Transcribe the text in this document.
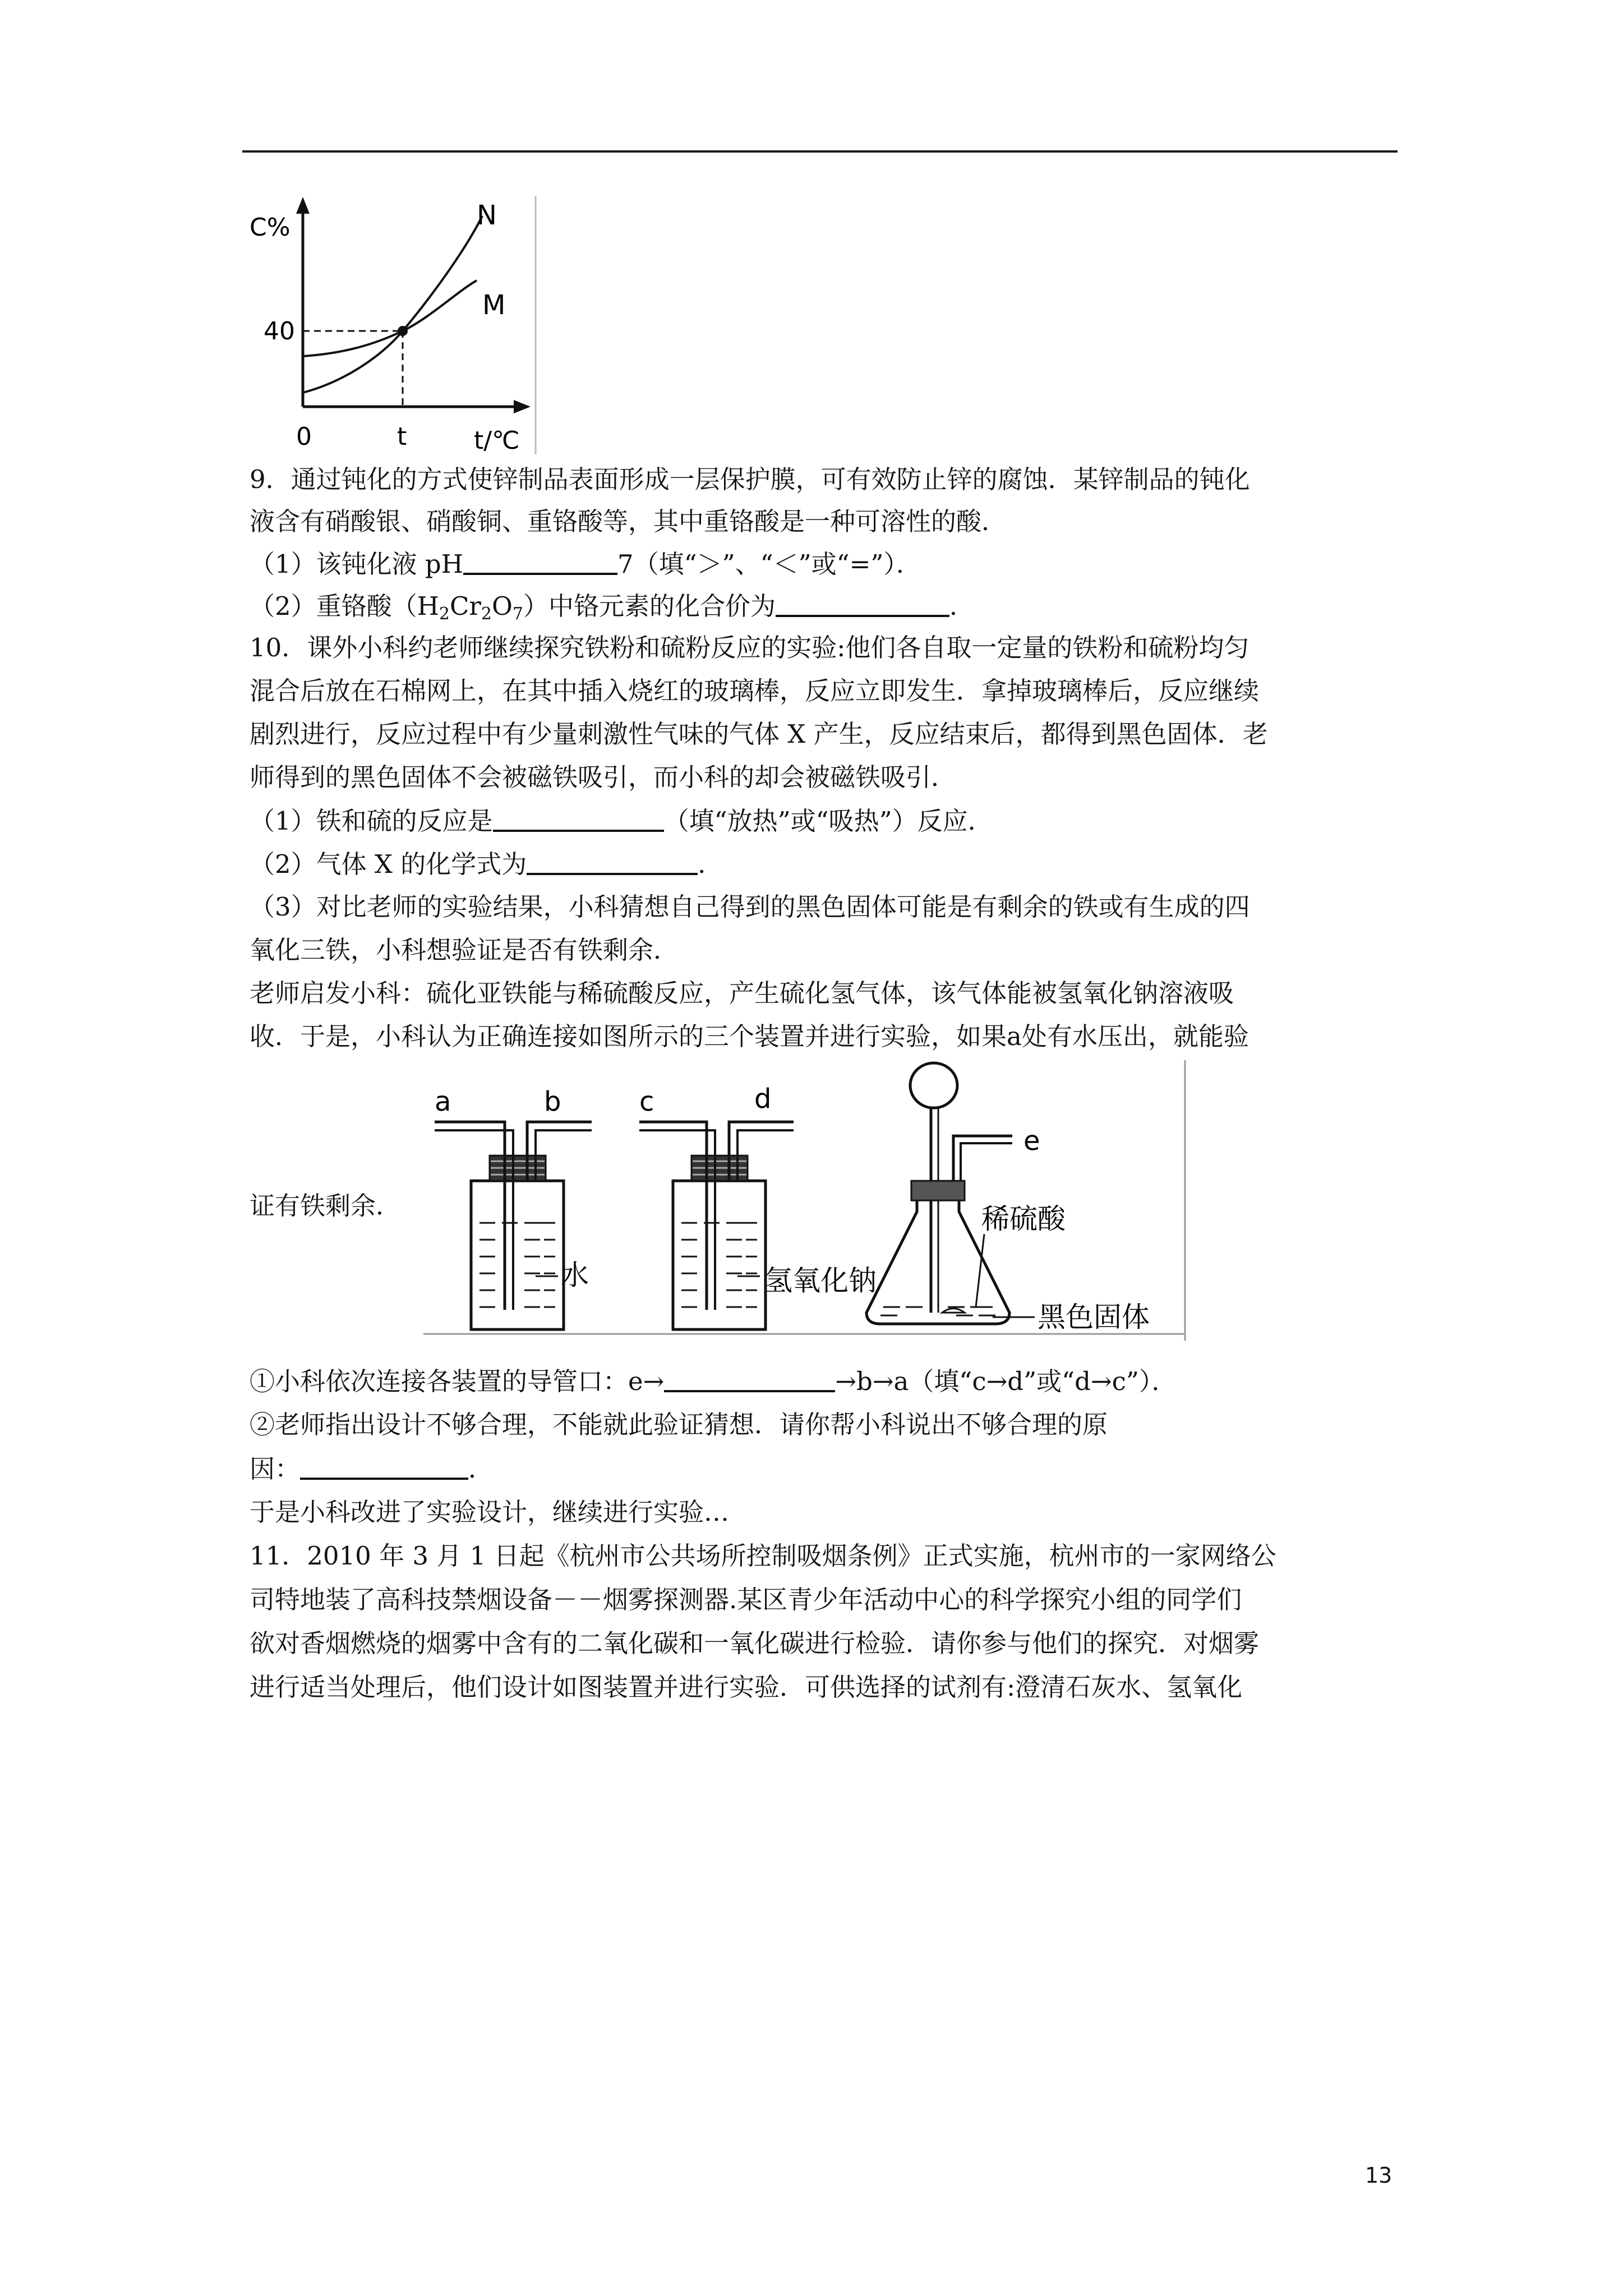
C%
40
0	t	t/℃
N
M
9．通过钝化的方式使锌制品表面形成一层保护膜，可有效防止锌的腐蚀．某锌制品的钝化
液含有硝酸银、硝酸铜、重铬酸等，其中重铬酸是一种可溶性的酸．
（1）该钝化液 pH	7（填“＞”、“＜”或“=”）．
（2）重铬酸$(H_2Cr_2O_7)$中铬元素的化合价为	．
10．课外小科约老师继续探究铁粉和硫粉反应的实验:他们各自取一定量的铁粉和硫粉均匀
混合后放在石棉网上，在其中插入烧红的玻璃棒，反应立即发生．拿掉玻璃棒后，反应继续
剧烈进行，反应过程中有少量刺激性气味的气体 X 产生，反应结束后，都得到黑色固体．老
师得到的黑色固体不会被磁铁吸引，而小科的却会被磁铁吸引．
（1）铁和硫的反应是	（填“放热”或“吸热”）反应．
（2）气体 X 的化学式为	．
（3）对比老师的实验结果，小科猜想自己得到的黑色固体可能是有剩余的铁或有生成的四
氧化三铁，小科想验证是否有铁剩余．
老师启发小科：硫化亚铁能与稀硫酸反应，产生硫化氢气体，该气体能被氢氧化钠溶液吸
收．于是，小科认为正确连接如图所示的三个装置并进行实验，如果a处有水压出，就能验
证有铁剩余．
a	b
水
c	d
氢氧化钠
e
稀硫酸
黑色固体
①小科依次连接各装置的导管口：e→	→b→a（填“c→d”或“d→c”）．
②老师指出设计不够合理，不能就此验证猜想．请你帮小科说出不够合理的原
因：	．
于是小科改进了实验设计，继续进行实验…
11．2010 年 3 月 1 日起《杭州市公共场所控制吸烟条例》正式实施，杭州市的一家网络公
司特地装了高科技禁烟设备－－烟雾探测器.某区青少年活动中心的科学探究小组的同学们
欲对香烟燃烧的烟雾中含有的二氧化碳和一氧化碳进行检验．请你参与他们的探究．对烟雾
进行适当处理后，他们设计如图装置并进行实验．可供选择的试剂有:澄清石灰水、氢氧化
13
